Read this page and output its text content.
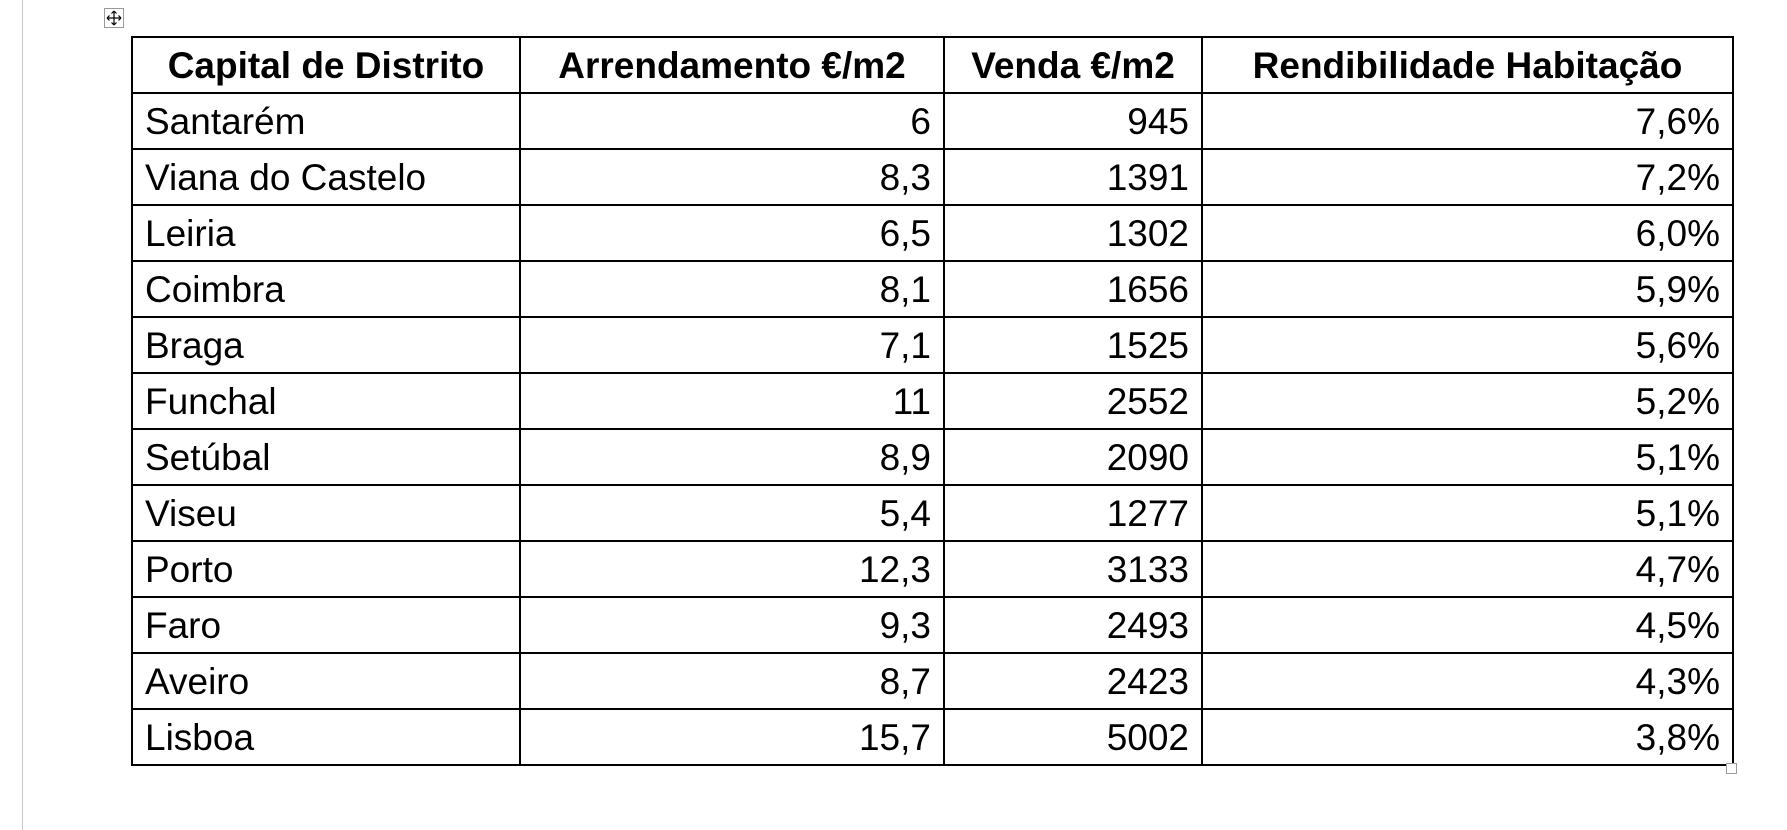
Capital de Distrito	Arrendamento €/m2	Venda €/m2	Rendibilidade Habitação
Santarém	6	945	7,6%
Viana do Castelo	8,3	1391	7,2%
Leiria	6,5	1302	6,0%
Coimbra	8,1	1656	5,9%
Braga	7,1	1525	5,6%
Funchal	11	2552	5,2%
Setúbal	8,9	2090	5,1%
Viseu	5,4	1277	5,1%
Porto	12,3	3133	4,7%
Faro	9,3	2493	4,5%
Aveiro	8,7	2423	4,3%
Lisboa	15,7	5002	3,8%
